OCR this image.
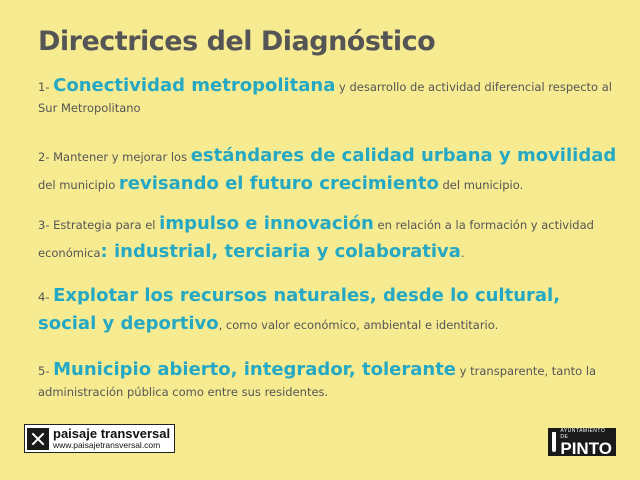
Directrices del Diagnóstico
1- Conectividad metropolitana y desarrollo de actividad diferencial respecto al Sur Metropolitano
2- Mantener y mejorar los estándares de calidad urbana y movilidad del municipio revisando el futuro crecimiento del municipio.
3- Estrategia para el impulso e innovación en relación a la formación y actividad económica: industrial, terciaria y colaborativa.
4- Explotar los recursos naturales, desde lo cultural, social y deportivo, como valor económico, ambiental e identitario.
5- Municipio abierto, integrador, tolerante y transparente, tanto la administración pública como entre sus residentes.
paisaje transversal
www.paisajetransversal.com
AYUNTAMIENTO DE
PINTO
